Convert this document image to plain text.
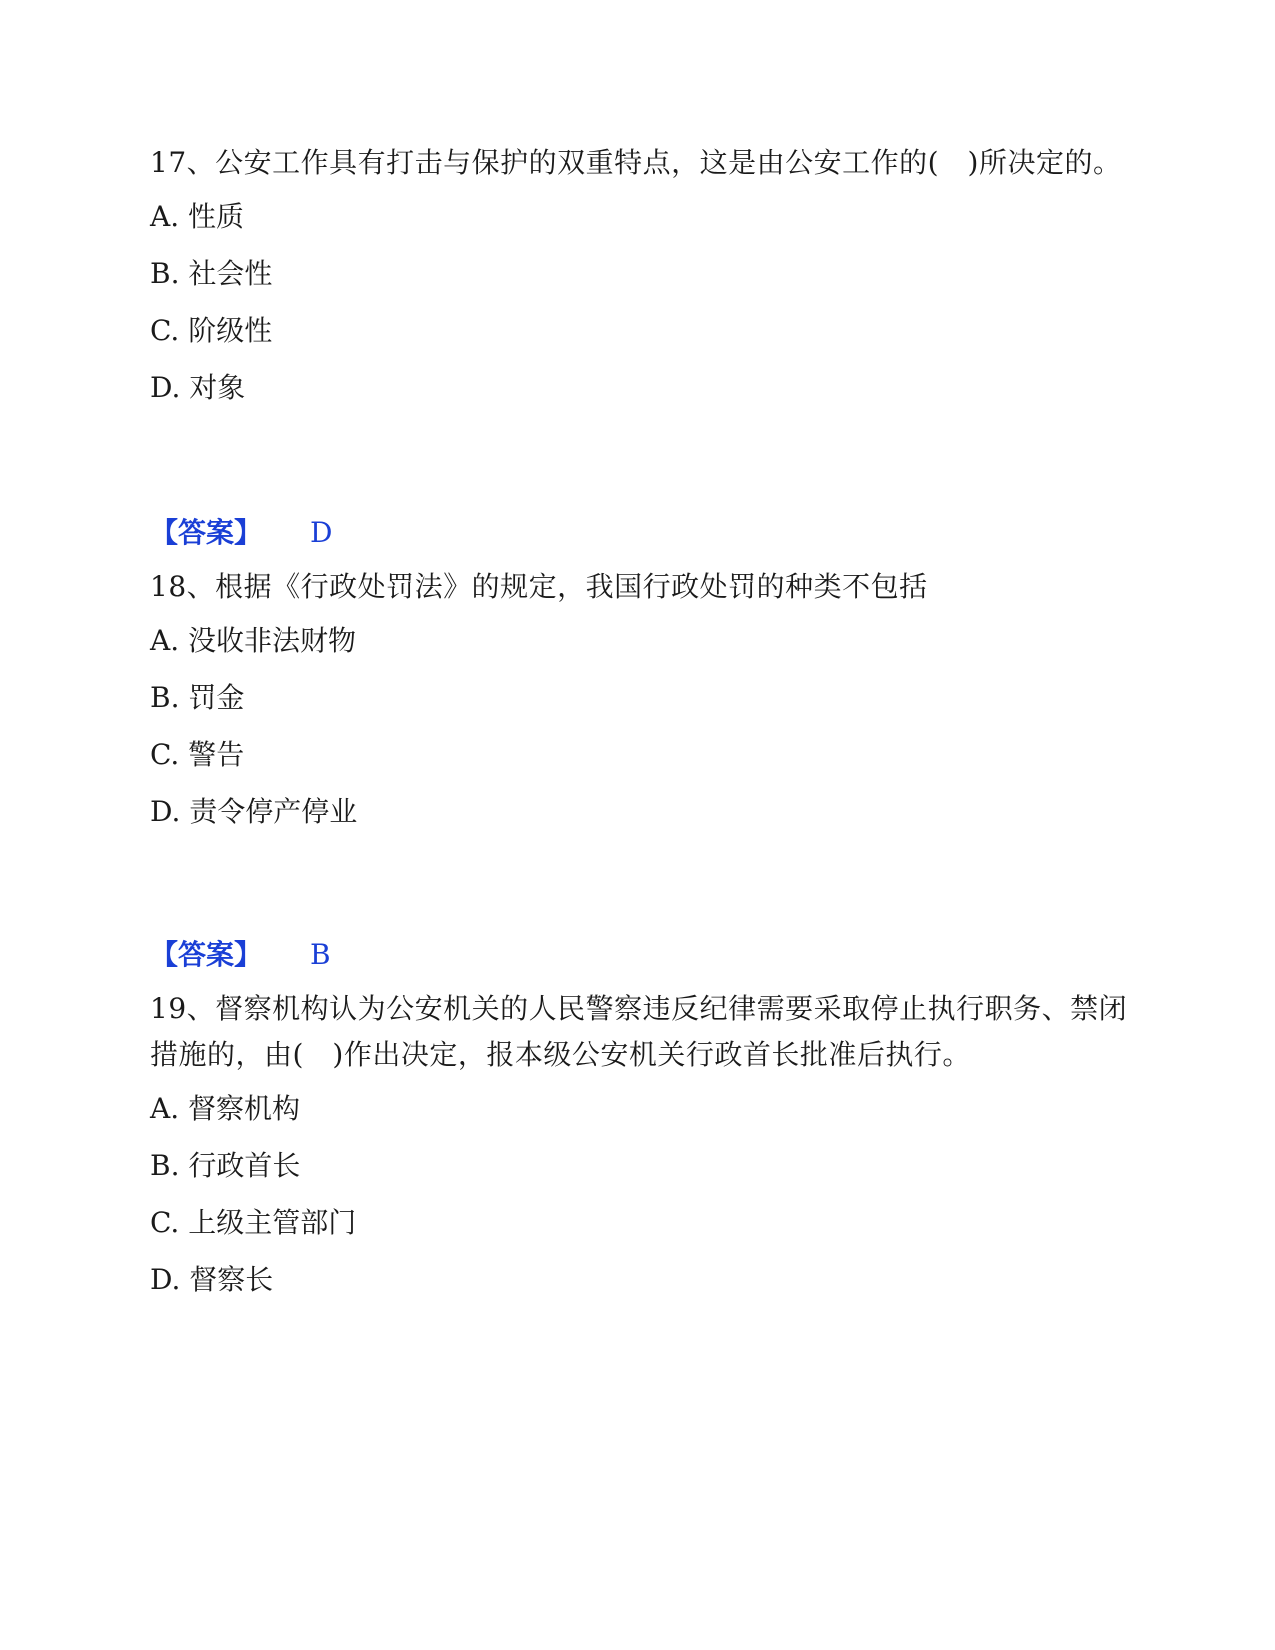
17、公安工作具有打击与保护的双重特点，这是由公安工作的(　)所决定的。

A. 性质

B. 社会性

C. 阶级性

D. 对象

【答案】 D

18、根据《行政处罚法》的规定，我国行政处罚的种类不包括

A. 没收非法财物

B. 罚金

C. 警告

D. 责令停产停业

【答案】 B

19、督察机构认为公安机关的人民警察违反纪律需要采取停止执行职务、禁闭措施的，由(　)作出决定，报本级公安机关行政首长批准后执行。

A. 督察机构

B. 行政首长

C. 上级主管部门

D. 督察长
